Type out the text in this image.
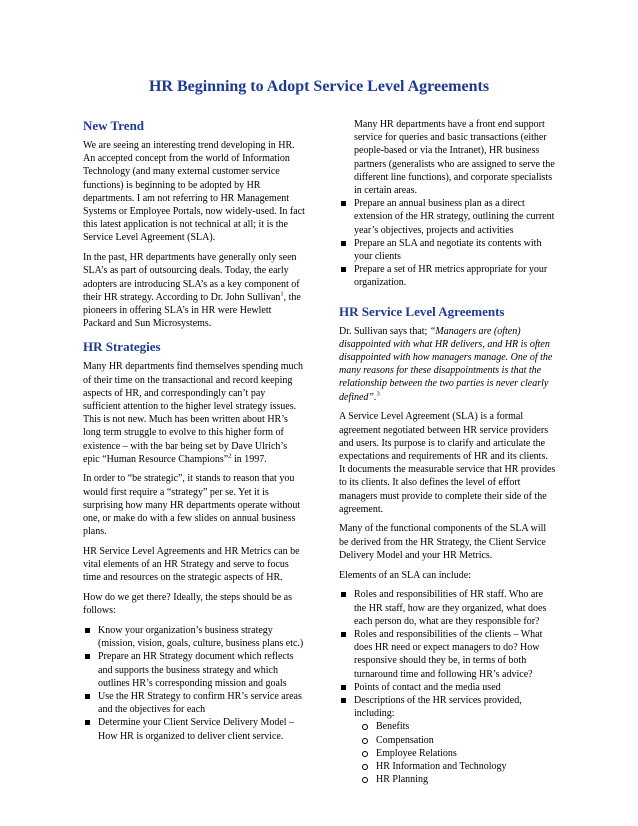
HR Beginning to Adopt Service Level Agreements
New Trend

We are seeing an interesting trend developing in HR. An accepted concept from the world of Information Technology (and many external customer service functions) is beginning to be adopted by HR departments. I am not referring to HR Management Systems or Employee Portals, now widely-used. In fact this latest application is not technical at all; it is the Service Level Agreement (SLA).

In the past, HR departments have generally only seen SLA’s as part of outsourcing deals. Today, the early adopters are introducing SLA’s as a key component of their HR strategy. According to Dr. John Sullivan$^1$, the pioneers in offering SLA’s in HR were Hewlett Packard and Sun Microsystems.

HR Strategies

Many HR departments find themselves spending much of their time on the transactional and record keeping aspects of HR, and correspondingly can’t pay sufficient attention to the higher level strategy issues. This is not new. Much has been written about HR’s long term struggle to evolve to this higher form of existence – with the bar being set by Dave Ulrich’s epic “Human Resource Champions”$^2$ in 1997.

In order to “be strategic”, it stands to reason that you would first require a “strategy” per se. Yet it is surprising how many HR departments operate without one, or make do with a few slides on annual business plans.

HR Service Level Agreements and HR Metrics can be vital elements of an HR Strategy and serve to focus time and resources on the strategic aspects of HR.

How do we get there? Ideally, the steps should be as follows:

Know your organization’s business strategy (mission, vision, goals, culture, business plans etc.)
Prepare an HR Strategy document which reflects and supports the business strategy and which outlines HR’s corresponding mission and goals
Use the HR Strategy to confirm HR’s service areas and the objectives for each
Determine your Client Service Delivery Model – How HR is organized to deliver client service.
Many HR departments have a front end support service for queries and basic transactions (either people-based or via the Intranet), HR business partners (generalists who are assigned to serve the different line functions), and corporate specialists in certain areas.
Prepare an annual business plan as a direct extension of the HR strategy, outlining the current year’s objectives, projects and activities
Prepare an SLA and negotiate its contents with your clients
Prepare a set of HR metrics appropriate for your organization.
HR Service Level Agreements

Dr. Sullivan says that; “Managers are (often) disappointed with what HR delivers, and HR is often disappointed with how managers manage. One of the many reasons for these disappointments is that the relationship between the two parties is never clearly defined”.$^3$

A Service Level Agreement (SLA) is a formal agreement negotiated between HR service providers and users. Its purpose is to clarify and articulate the expectations and requirements of HR and its clients. It documents the measurable service that HR provides to its clients. It also defines the level of effort managers must provide to complete their side of the agreement.

Many of the functional components of the SLA will be derived from the HR Strategy, the Client Service Delivery Model and your HR Metrics.

Elements of an SLA can include:

Roles and responsibilities of HR staff. Who are the HR staff, how are they organized, what does each person do, what are they responsible for?
Roles and responsibilities of the clients – What does HR need or expect managers to do? How responsive should they be, in terms of both turnaround time and following HR’s advice?
Points of contact and the media used
Descriptions of the HR services provided, including:
Benefits
Compensation
Employee Relations
HR Information and Technology
HR Planning
